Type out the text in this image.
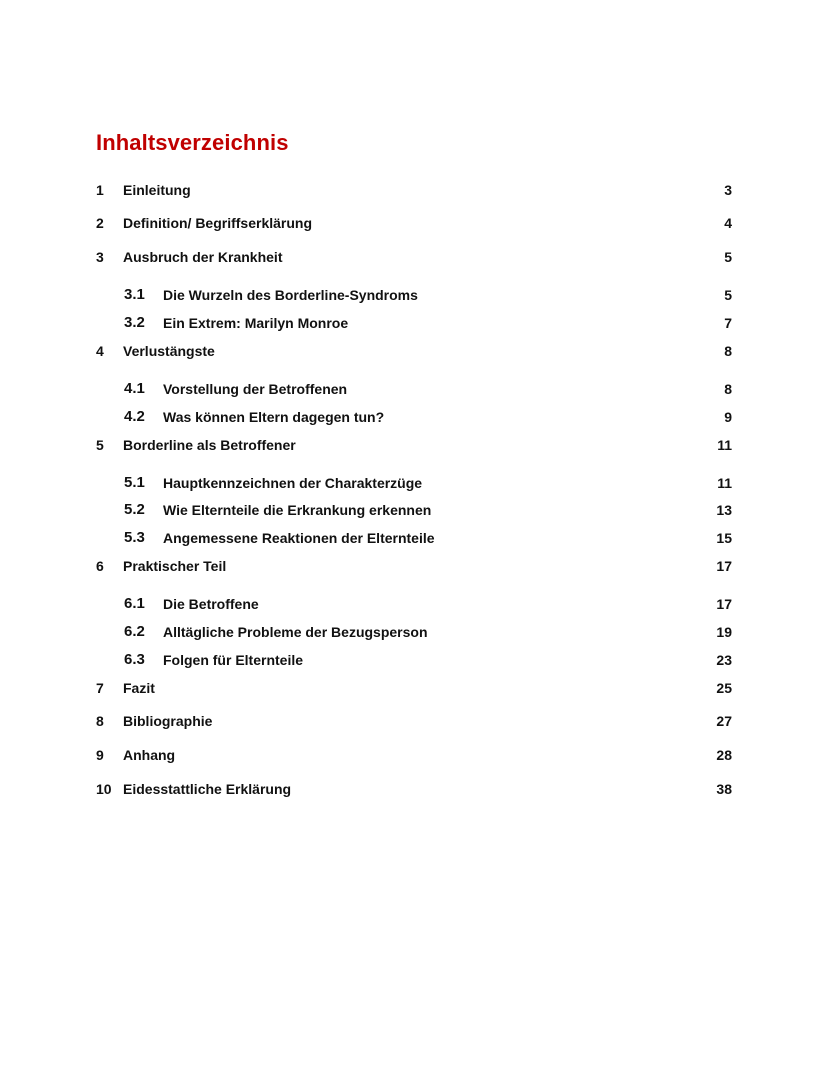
Inhaltsverzeichnis
1 Einleitung	3
2 Definition/ Begriffserklärung	4
3 Ausbruch der Krankheit	5
3.1 Die Wurzeln des Borderline-Syndroms	5
3.2 Ein Extrem: Marilyn Monroe	7
4 Verlustängste	8
4.1 Vorstellung der Betroffenen	8
4.2 Was können Eltern dagegen tun?	9
5 Borderline als Betroffener	11
5.1 Hauptkennzeichnen der Charakterzüge	11
5.2 Wie Elternteile die Erkrankung erkennen	13
5.3 Angemessene Reaktionen der Elternteile	15
6 Praktischer Teil	17
6.1 Die Betroffene	17
6.2 Alltägliche Probleme der Bezugsperson	19
6.3 Folgen für Elternteile	23
7 Fazit	25
8 Bibliographie	27
9 Anhang	28
10 Eidesstattliche Erklärung	38
